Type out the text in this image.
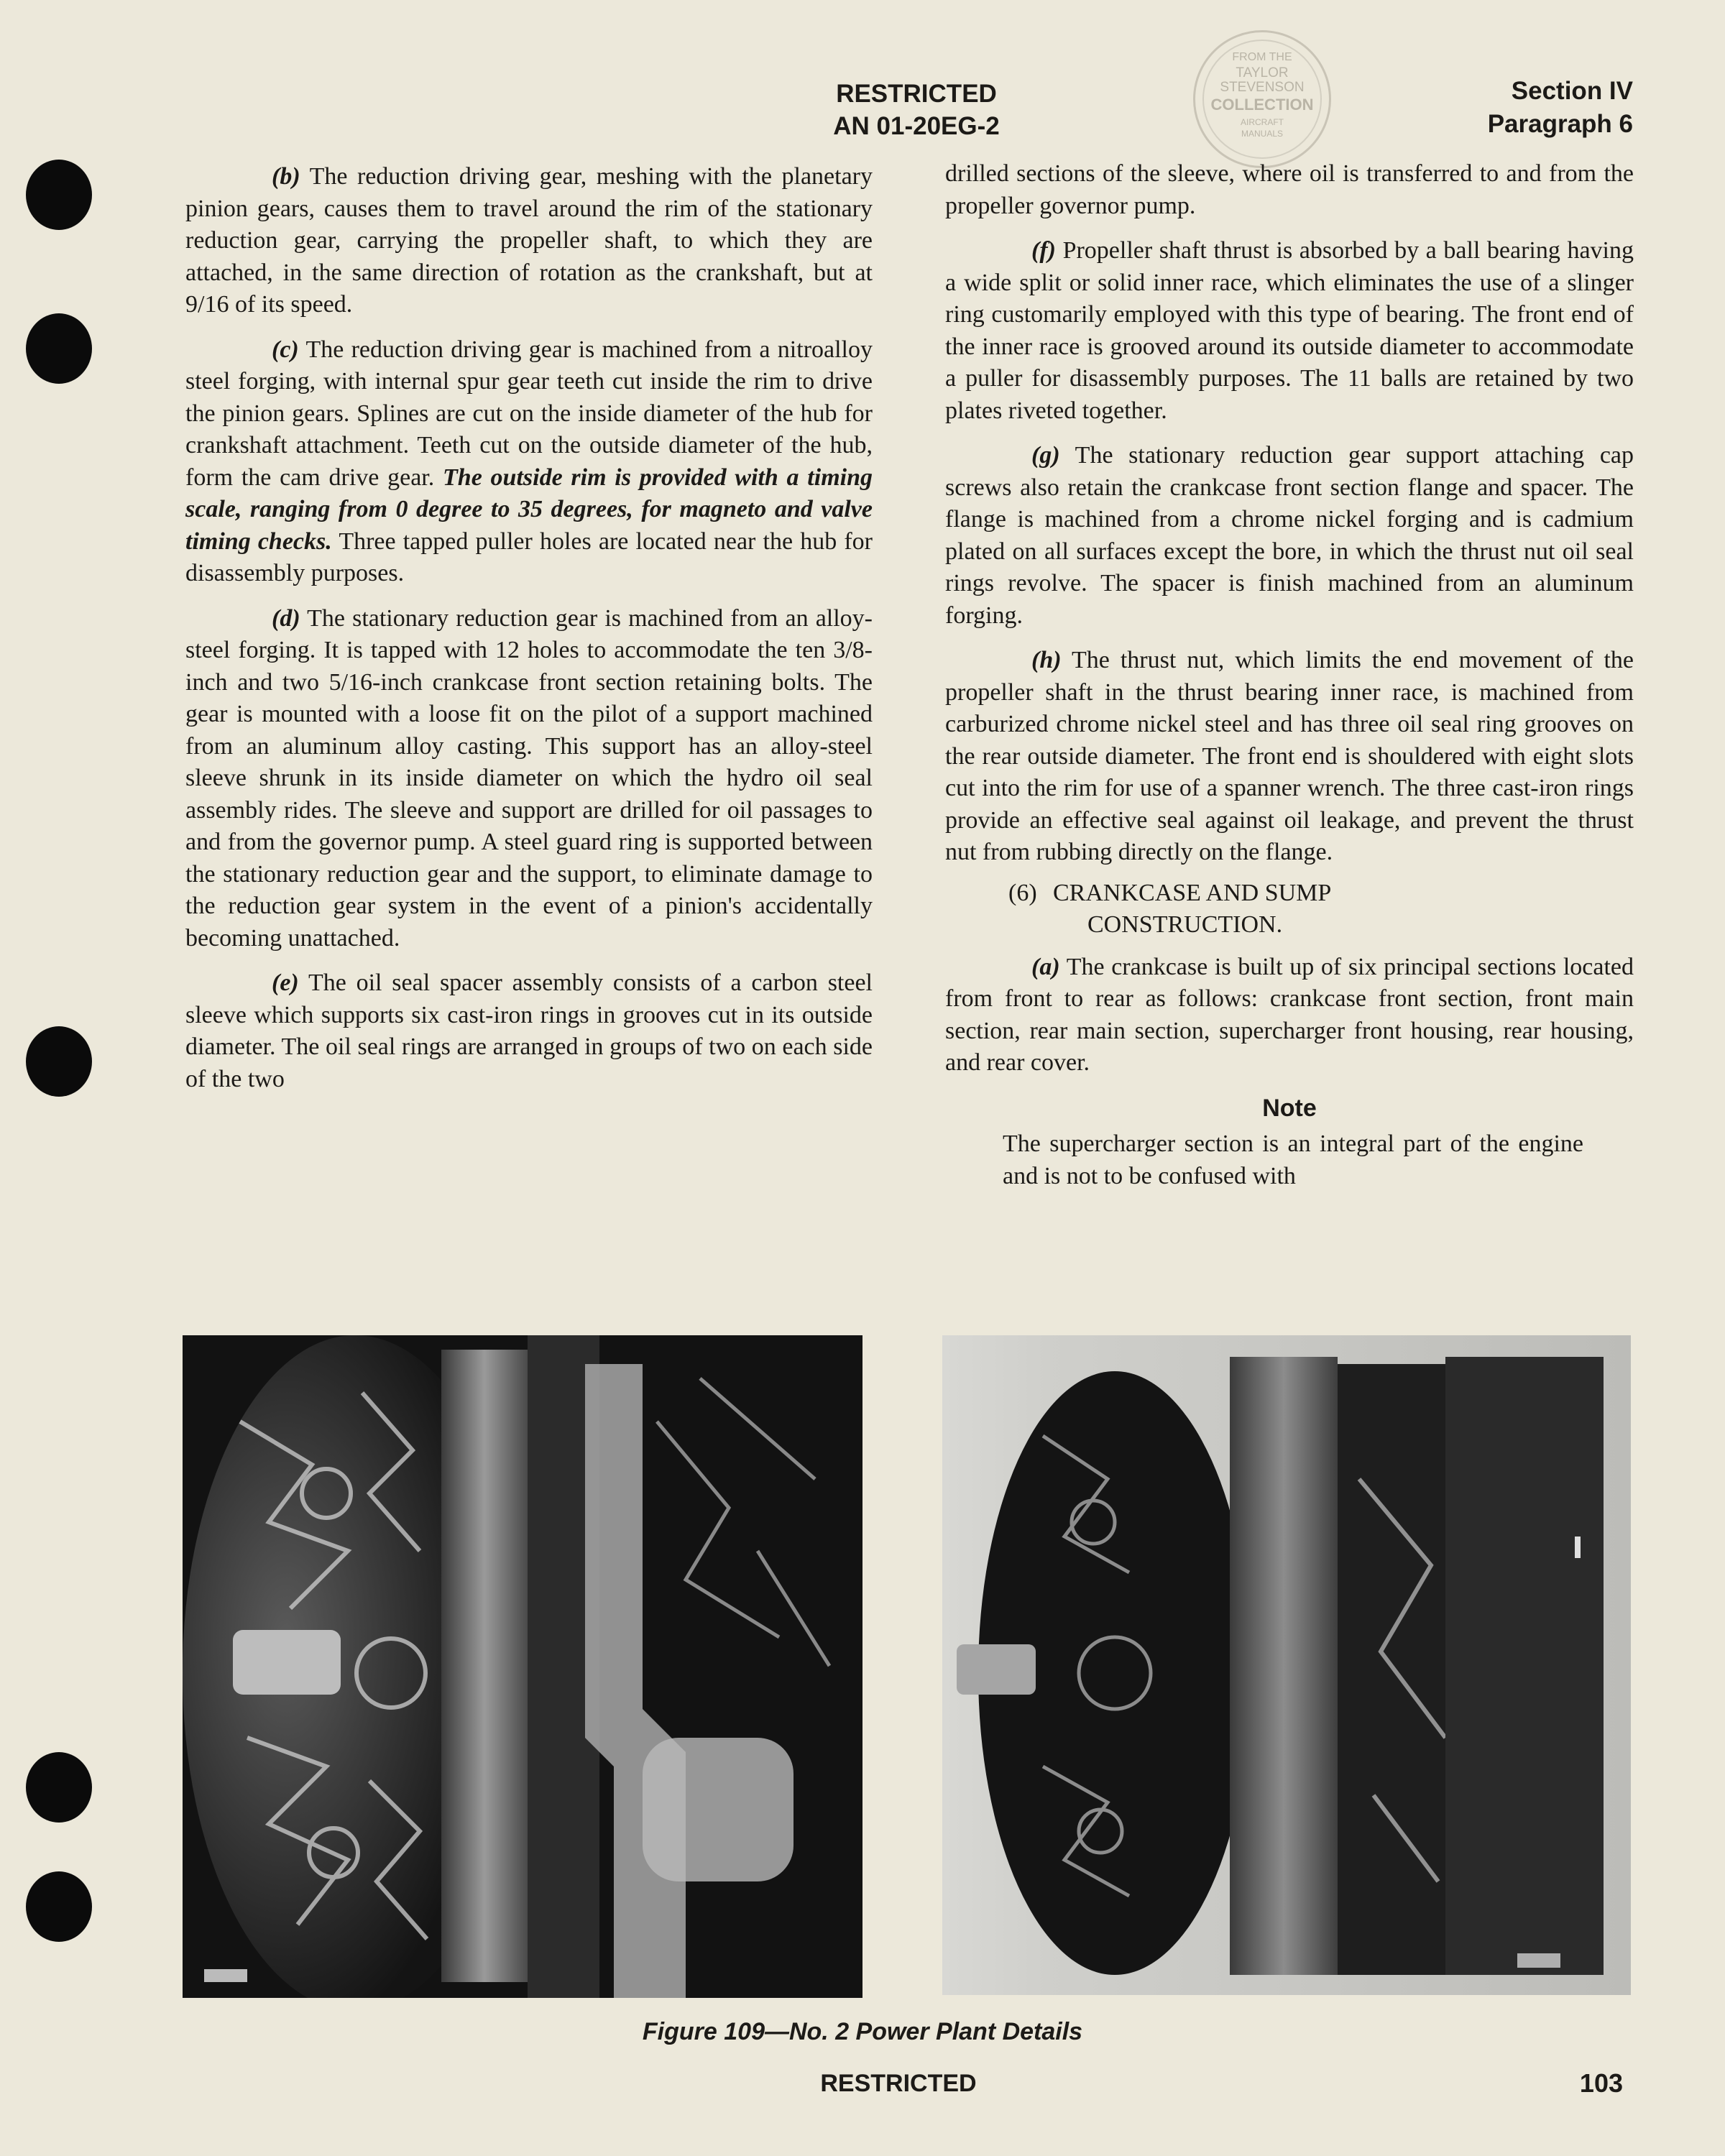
RESTRICTED
AN 01-20EG-2
Section IV
Paragraph 6
FROM THE
TAYLOR
STEVENSON
COLLECTION
AIRCRAFT
MANUALS

(b) The reduction driving gear, meshing with the planetary pinion gears, causes them to travel around the rim of the stationary reduction gear, carrying the propeller shaft, to which they are attached, in the same direction of rotation as the crankshaft, but at 9/16 of its speed.

(c) The reduction driving gear is machined from a nitroalloy steel forging, with internal spur gear teeth cut inside the rim to drive the pinion gears. Splines are cut on the inside diameter of the hub for crankshaft attachment. Teeth cut on the outside diameter of the hub, form the cam drive gear. The outside rim is provided with a timing scale, ranging from 0 degree to 35 degrees, for magneto and valve timing checks. Three tapped puller holes are located near the hub for disassembly purposes.

(d) The stationary reduction gear is machined from an alloy-steel forging. It is tapped with 12 holes to accommodate the ten 3/8-inch and two 5/16-inch crankcase front section retaining bolts. The gear is mounted with a loose fit on the pilot of a support machined from an aluminum alloy casting. This support has an alloy-steel sleeve shrunk in its inside diameter on which the hydro oil seal assembly rides. The sleeve and support are drilled for oil passages to and from the governor pump. A steel guard ring is supported between the stationary reduction gear and the support, to eliminate damage to the reduction gear system in the event of a pinion's accidentally becoming unattached.

(e) The oil seal spacer assembly consists of a carbon steel sleeve which supports six cast-iron rings in grooves cut in its outside diameter. The oil seal rings are arranged in groups of two on each side of the two

drilled sections of the sleeve, where oil is transferred to and from the propeller governor pump.

(f) Propeller shaft thrust is absorbed by a ball bearing having a wide split or solid inner race, which eliminates the use of a slinger ring customarily employed with this type of bearing. The front end of the inner race is grooved around its outside diameter to accommodate a puller for disassembly purposes. The 11 balls are retained by two plates riveted together.

(g) The stationary reduction gear support attaching cap screws also retain the crankcase front section flange and spacer. The flange is machined from a chrome nickel forging and is cadmium plated on all surfaces except the bore, in which the thrust nut oil seal rings revolve. The spacer is finish machined from an aluminum forging.

(h) The thrust nut, which limits the end movement of the propeller shaft in the thrust bearing inner race, is machined from carburized chrome nickel steel and has three oil seal ring grooves on the rear outside diameter. The front end is shouldered with eight slots cut into the rim for use of a spanner wrench. The three cast-iron rings provide an effective seal against oil leakage, and prevent the thrust nut from rubbing directly on the flange.

(6) CRANKCASE AND SUMP
CONSTRUCTION.

(a) The crankcase is built up of six principal sections located from front to rear as follows: crankcase front section, front main section, rear main section, supercharger front housing, rear housing, and rear cover.

Note
The supercharger section is an integral part of the engine and is not to be confused with
Figure 109—No. 2 Power Plant Details
RESTRICTED	103
